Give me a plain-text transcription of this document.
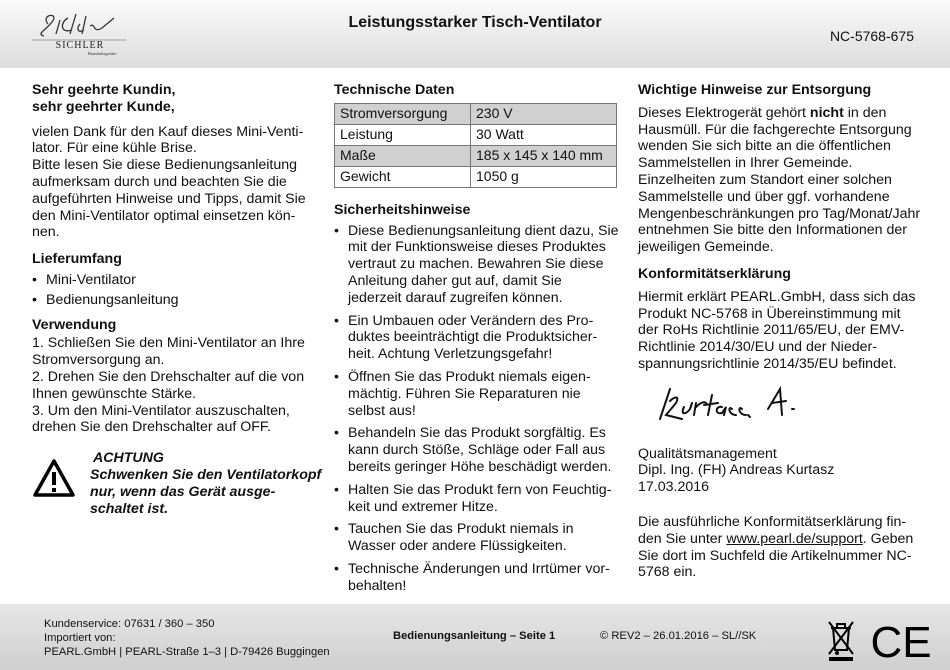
SICHLER
Haushaltsgeräte
Leistungsstarker Tisch-Ventilator
NC-5768-675
Sehr geehrte Kundin,
sehr geehrter Kunde,

vielen Dank für den Kauf dieses Mini-Ventilator. Für eine kühle Brise.

Bitte lesen Sie diese Bedienungsanleitung aufmerksam durch und beachten Sie die aufgeführten Hinweise und Tipps, damit Sie den Mini-Ventilator optimal einsetzen können.

Lieferumfang
• Mini-Ventilator
• Bedienungsanleitung
Verwendung

1. Schließen Sie den Mini-Ventilator an Ihre Stromversorgung an.

2. Drehen Sie den Drehschalter auf die von Ihnen gewünschte Stärke.

3. Um den Mini-Ventilator auszuschalten, drehen Sie den Drehschalter auf OFF.

ACHTUNG
Schwenken Sie den Ventilatorkopf nur, wenn das Gerät ausgeschaltet ist.
Technische Daten
Stromversorgung	230 V
Leistung	30 Watt
Maße	185 x 145 x 140 mm
Gewicht	1050 g
Sicherheitshinweise
• Diese Bedienungsanleitung dient dazu, Sie mit der Funktionsweise dieses Produktes vertraut zu machen. Bewahren Sie diese Anleitung daher gut auf, damit Sie jederzeit darauf zugreifen können.
• Ein Umbauen oder Verändern des Produktes beeinträchtigt die Produktsicherheit. Achtung Verletzungsgefahr!
• Öffnen Sie das Produkt niemals eigenmächtig. Führen Sie Reparaturen nie selbst aus!
• Behandeln Sie das Produkt sorgfältig. Es kann durch Stöße, Schläge oder Fall aus bereits geringer Höhe beschädigt werden.
• Halten Sie das Produkt fern von Feuchtigkeit und extremer Hitze.
• Tauchen Sie das Produkt niemals in Wasser oder andere Flüssigkeiten.
• Technische Änderungen und Irrtümer vorbehalten!
Wichtige Hinweise zur Entsorgung

Dieses Elektrogerät gehört nicht in den Hausmüll. Für die fachgerechte Entsorgung wenden Sie sich bitte an die öffentlichen Sammelstellen in Ihrer Gemeinde. Einzelheiten zum Standort einer solchen Sammelstelle und über ggf. vorhandene Mengenbeschränkungen pro Tag/Monat/Jahr entnehmen Sie bitte den Informationen der jeweiligen Gemeinde.

Konformitätserklärung

Hiermit erklärt PEARL.GmbH, dass sich das Produkt NC-5768 in Übereinstimmung mit der RoHs Richtlinie 2011/65/EU, der EMV-Richtlinie 2014/30/EU und der Niederspannungsrichtlinie 2014/35/EU befindet.

Qualitätsmanagement

Dipl. Ing. (FH) Andreas Kurtasz

17.03.2016

Die ausführliche Konformitätserklärung finden Sie unter www.pearl.de/support. Geben Sie dort im Suchfeld die Artikelnummer NC-5768 ein.

Kundenservice: 07631 / 360 – 350
Importiert von:
PEARL.GmbH | PEARL-Straße 1–3 | D-79426 Buggingen
Bedienungsanleitung – Seite 1	© REV2 – 26.01.2016 – SL//SK
	CE
